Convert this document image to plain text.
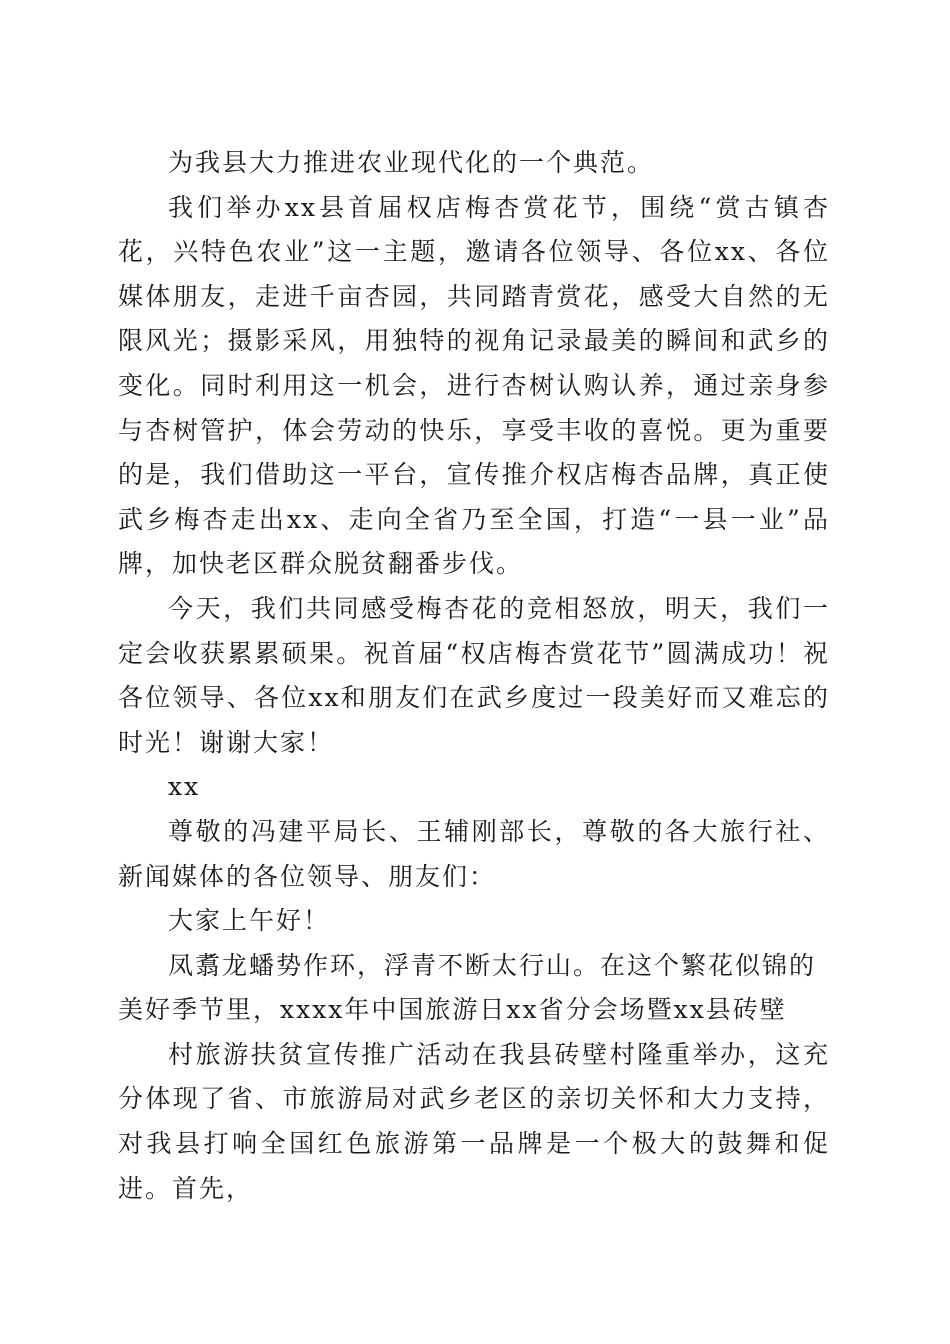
为我县大力推进农业现代化的一个典范。

我们举办xx县首届权店梅杏赏花节，围绕“赏古镇杏花，兴特色农业”这一主题，邀请各位领导、各位xx、各位媒体朋友，走进千亩杏园，共同踏青赏花，感受大自然的无限风光；摄影采风，用独特的视角记录最美的瞬间和武乡的变化。同时利用这一机会，进行杏树认购认养，通过亲身参与杏树管护，体会劳动的快乐，享受丰收的喜悦。更为重要的是，我们借助这一平台，宣传推介权店梅杏品牌，真正使武乡梅杏走出xx、走向全省乃至全国，打造“一县一业”品牌，加快老区群众脱贫翻番步伐。

今天，我们共同感受梅杏花的竞相怒放，明天，我们一定会收获累累硕果。祝首届“权店梅杏赏花节”圆满成功！祝各位领导、各位xx和朋友们在武乡度过一段美好而又难忘的时光！谢谢大家！

xx

尊敬的冯建平局长、王辅刚部长，尊敬的各大旅行社、新闻媒体的各位领导、朋友们：

大家上午好！

凤翥龙蟠势作环，浮青不断太行山。在这个繁花似锦的美好季节里，xxxx年中国旅游日xx省分会场暨xx县砖壁

村旅游扶贫宣传推广活动在我县砖壁村隆重举办，这充分体现了省、市旅游局对武乡老区的亲切关怀和大力支持，对我县打响全国红色旅游第一品牌是一个极大的鼓舞和促进。首先，
